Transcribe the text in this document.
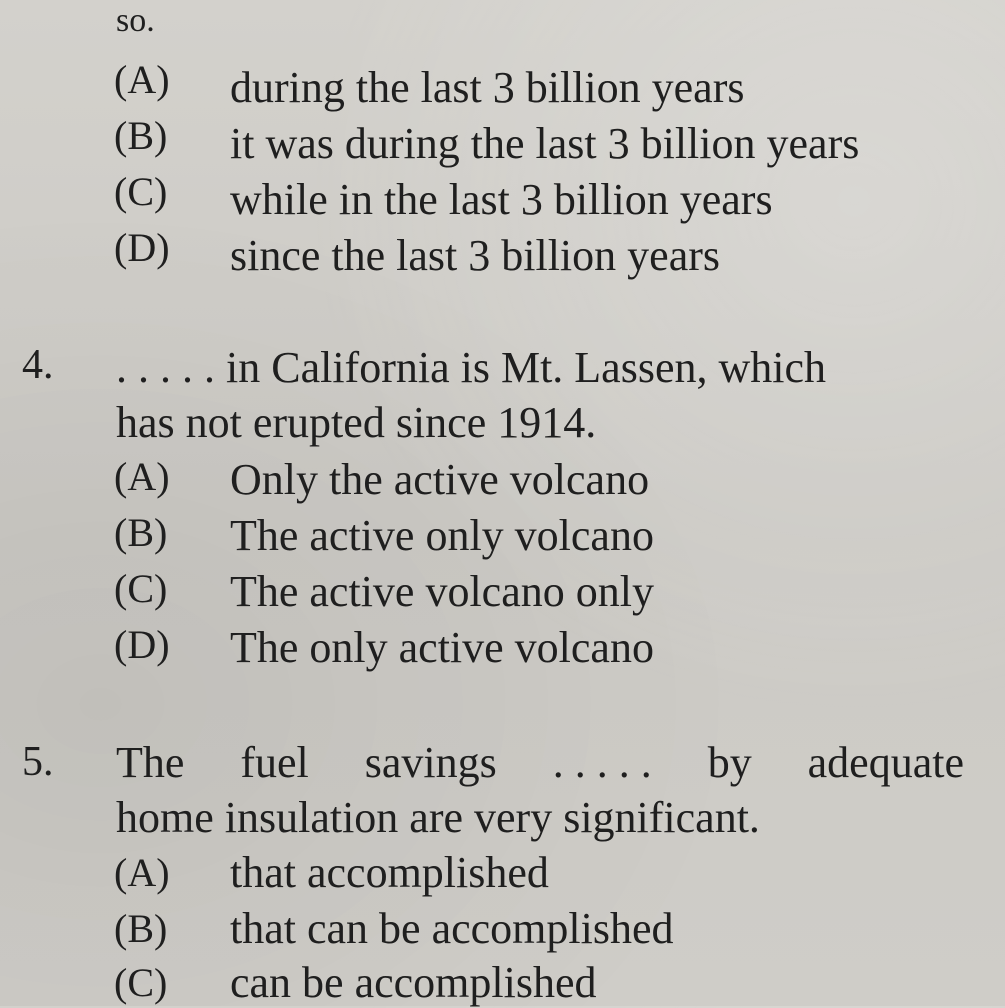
so.
(A) during the last 3 billion years
(B) it was during the last 3 billion years
(C) while in the last 3 billion years
(D) since the last 3 billion years
4. . . . . . in California is Mt. Lassen, which
has not erupted since 1914.
(A) Only the active volcano
(B) The active only volcano
(C) The active volcano only
(D) The only active volcano
5. The fuel savings . . . . . by adequate
home insulation are very significant.
(A) that accomplished
(B) that can be accomplished
(C) can be accomplished
